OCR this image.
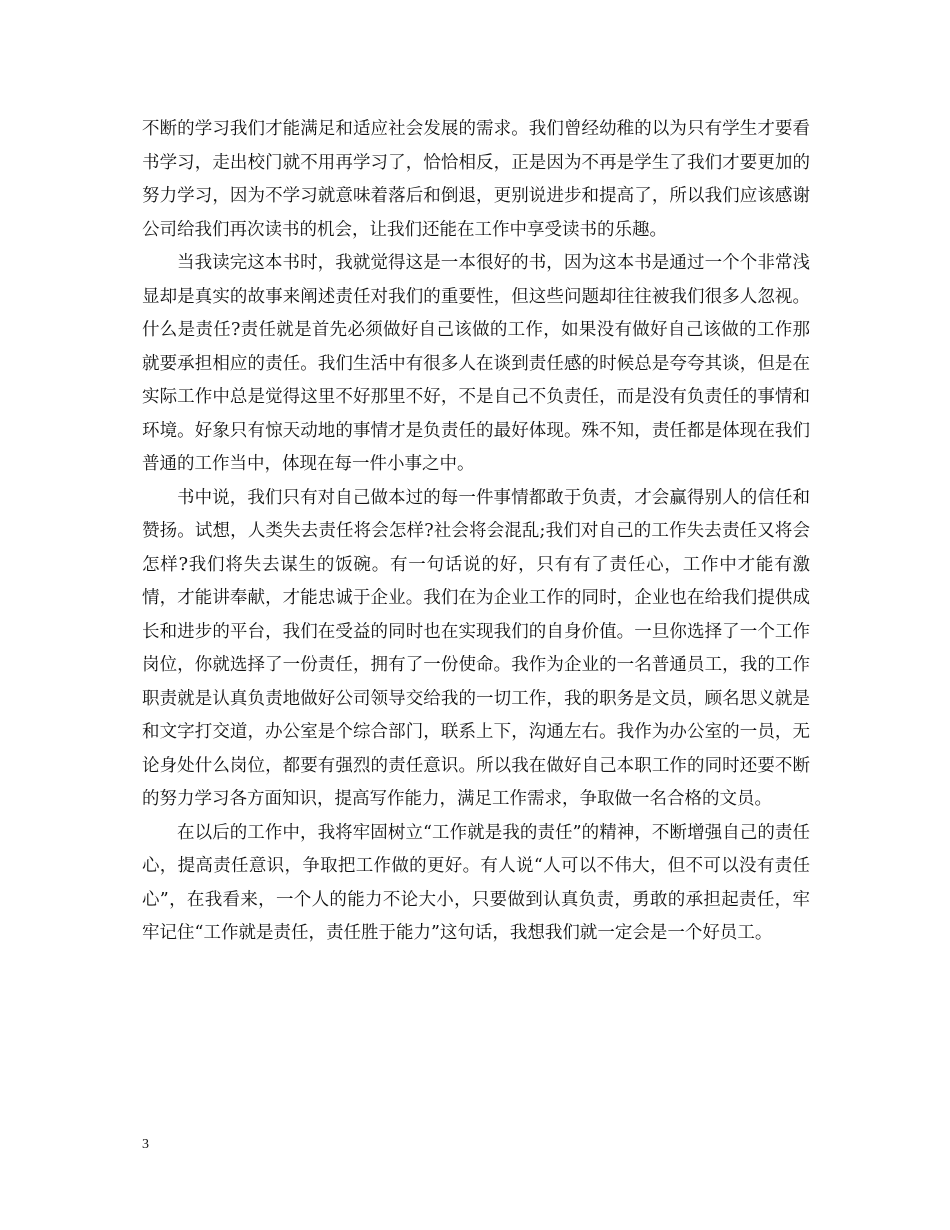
不断的学习我们才能满足和适应社会发展的需求。我们曾经幼稚的以为只有学生才要看书学习，走出校门就不用再学习了，恰恰相反，正是因为不再是学生了我们才要更加的努力学习，因为不学习就意味着落后和倒退，更别说进步和提高了，所以我们应该感谢公司给我们再次读书的机会，让我们还能在工作中享受读书的乐趣。

当我读完这本书时，我就觉得这是一本很好的书，因为这本书是通过一个个非常浅显却是真实的故事来阐述责任对我们的重要性，但这些问题却往往被我们很多人忽视。什么是责任?责任就是首先必须做好自己该做的工作，如果没有做好自己该做的工作那就要承担相应的责任。我们生活中有很多人在谈到责任感的时候总是夸夸其谈，但是在实际工作中总是觉得这里不好那里不好，不是自己不负责任，而是没有负责任的事情和环境。好象只有惊天动地的事情才是负责任的最好体现。殊不知，责任都是体现在我们普通的工作当中，体现在每一件小事之中。

书中说，我们只有对自己做本过的每一件事情都敢于负责，才会赢得别人的信任和赞扬。试想，人类失去责任将会怎样?社会将会混乱;我们对自己的工作失去责任又将会怎样?我们将失去谋生的饭碗。有一句话说的好，只有有了责任心，工作中才能有激情，才能讲奉献，才能忠诚于企业。我们在为企业工作的同时，企业也在给我们提供成长和进步的平台，我们在受益的同时也在实现我们的自身价值。一旦你选择了一个工作岗位，你就选择了一份责任，拥有了一份使命。我作为企业的一名普通员工，我的工作职责就是认真负责地做好公司领导交给我的一切工作，我的职务是文员，顾名思义就是和文字打交道，办公室是个综合部门，联系上下，沟通左右。我作为办公室的一员，无论身处什么岗位，都要有强烈的责任意识。所以我在做好自己本职工作的同时还要不断的努力学习各方面知识，提高写作能力，满足工作需求，争取做一名合格的文员。

在以后的工作中，我将牢固树立“工作就是我的责任”的精神，不断增强自己的责任心，提高责任意识，争取把工作做的更好。有人说“人可以不伟大，但不可以没有责任心”，在我看来，一个人的能力不论大小，只要做到认真负责，勇敢的承担起责任，牢牢记住“工作就是责任，责任胜于能力”这句话，我想我们就一定会是一个好员工。

3
